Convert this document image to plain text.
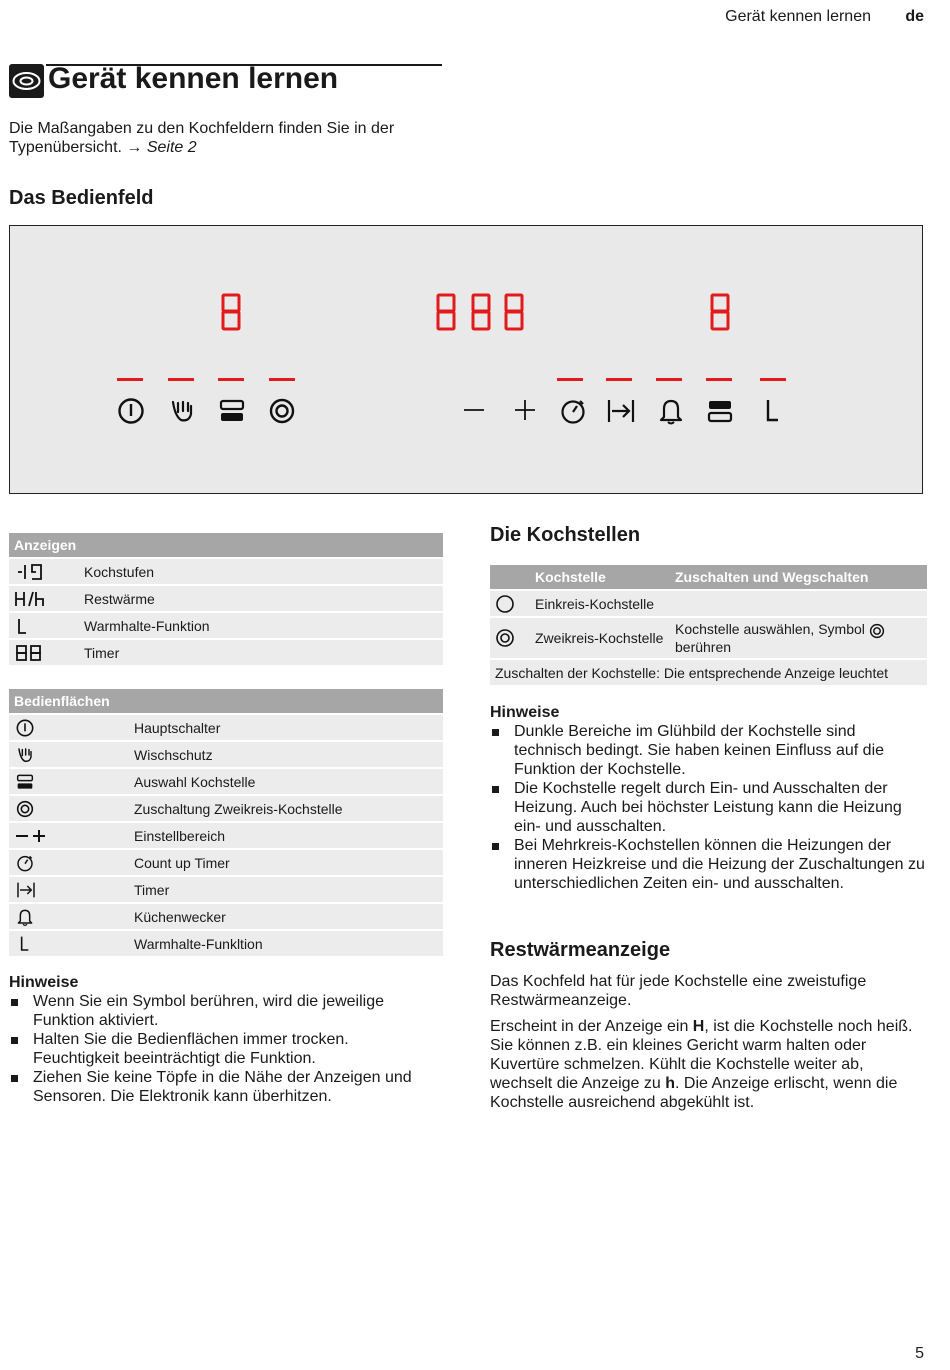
Gerät kennen lernen de
Gerät kennen lernen
Die Maßangaben zu den Kochfeldern finden Sie in der Typenübersicht. → Seite 2
Das Bedienfeld
Anzeigen	
	Kochstufen
	Restwärme
	Warmhalte-Funktion
	Timer
Bedienflächen	
	Hauptschalter
	Wischschutz
	Auswahl Kochstelle
	Zuschaltung Zweikreis-Kochstelle
	Einstellbereich
	Count up Timer
	Timer
	Küchenwecker
	Warmhalte-Funkltion
Hinweise
Wenn Sie ein Symbol berühren, wird die jeweilige Funktion aktiviert.
Halten Sie die Bedienflächen immer trocken. Feuchtigkeit beeinträchtigt die Funktion.
Ziehen Sie keine Töpfe in die Nähe der Anzeigen und Sensoren. Die Elektronik kann überhitzen.
Die Kochstellen
	Kochstelle	Zuschalten und Wegschalten
	Einkreis-Kochstelle	
	Zweikreis-Kochstelle	Kochstelle auswählen, Symbol
berühren
Zuschalten der Kochstelle: Die entsprechende Anzeige leuchtet		
Hinweise
Dunkle Bereiche im Glühbild der Kochstelle sind technisch bedingt. Sie haben keinen Einfluss auf die Funktion der Kochstelle.
Die Kochstelle regelt durch Ein- und Ausschalten der Heizung. Auch bei höchster Leistung kann die Heizung ein- und ausschalten.
Bei Mehrkreis-Kochstellen können die Heizungen der inneren Heizkreise und die Heizung der Zuschaltungen zu unterschiedlichen Zeiten ein- und ausschalten.
Restwärmeanzeige
Das Kochfeld hat für jede Kochstelle eine zweistufige Restwärmeanzeige.
Erscheint in der Anzeige ein H, ist die Kochstelle noch heiß. Sie können z.B. ein kleines Gericht warm halten oder Kuvertüre schmelzen. Kühlt die Kochstelle weiter ab, wechselt die Anzeige zu h. Die Anzeige erlischt, wenn die Kochstelle ausreichend abgekühlt ist.
5
